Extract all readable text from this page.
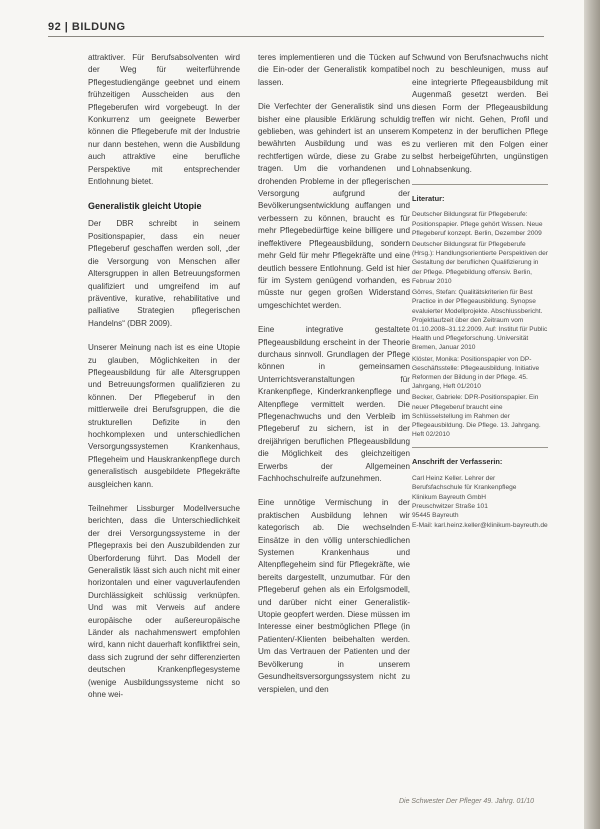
92 | BILDUNG

attraktiver. Für Berufsabsolventen wird der Weg für weiterführende Pflegestudiengänge geebnet und einem frühzeitigen Ausscheiden aus den Pflegeberufen wird vorgebeugt. In der Konkurrenz um geeignete Bewerber können die Pflegeberufe mit der Industrie nur dann bestehen, wenn die Ausbildung auch attraktive eine berufliche Perspektive mit entsprechender Entlohnung bietet.

Generalistik gleicht Utopie

Der DBR schreibt in seinem Positionspapier, dass ein neuer Pflegeberuf geschaffen werden soll, „der die Versorgung von Menschen aller Altersgruppen in allen Betreuungsformen qualifiziert und umgreifend im auf präventive, kurative, rehabilitative und palliative Strategien pflegerischen Handelns“ (DBR 2009).

Unserer Meinung nach ist es eine Utopie zu glauben, Möglichkeiten in der Pflegeausbildung für alle Altersgruppen und Betreuungsformen qualifizieren zu können. Der Pflegeberuf in den mittlerweile drei Berufsgruppen, die die strukturellen Defizite in den hochkomplexen und unterschiedlichen Versorgungssystemen Krankenhaus, Pflegeheim und Hauskrankenpflege durch generalistisch ausgebildete Pflegekräfte ausgleichen kann.

Teilnehmer Lissburger Modellversuche berichten, dass die Unterschiedlichkeit der drei Versorgungssysteme in der Pflegepraxis bei den Auszubildenden zur Überforderung führt. Das Modell der Generalistik lässt sich auch nicht mit einer horizontalen und einer vaguverlaufenden Durchlässigkeit schlüssig verknüpfen. Und was mit Verweis auf andere europäische oder außereuropäische Länder als nachahmenswert empfohlen wird, kann nicht dauerhaft konfliktfrei sein, dass sich zugrund der sehr differenzierten deutschen Krankenpflegesysteme (wenige Ausbildungssysteme nicht so ohne wei-

teres implementieren und die Tücken auf die Ein-oder der Generalistik kompatibel lassen.

Die Verfechter der Generalistik sind uns bisher eine plausible Erklärung schuldig geblieben, was gehindert ist an unserem bewährten Ausbildung und was es rechtfertigen würde, diese zu Grabe zu tragen. Um die vorhandenen und drohenden Probleme in der pflegerischen Versorgung aufgrund der Bevölkerungsentwicklung auffangen und verbessern zu können, braucht es für mehr Pflegebedürftige keine billigere und ineffektivere Pflegeausbildung, sondern mehr Geld für mehr Pflegekräfte und eine deutlich bessere Entlohnung. Geld ist hier für im System genügend vorhanden, es müsste nur gegen großen Widerstand umgeschichtet werden.

Eine integrative gestaltete Pflegeausbildung erscheint in der Theorie durchaus sinnvoll. Grundlagen der Pflege können in gemeinsamen Unterrichtsveranstaltungen für Krankenpflege, Kinderkrankenpflege und Altenpflege vermittelt werden. Die Pflegenachwuchs und den Verbleib im Pflegeberuf zu sichern, ist in der dreijährigen beruflichen Pflegeausbildung die Möglichkeit des gleichzeitigen Erwerbs der Allgemeinen Fachhochschulreife aufzunehmen.

Eine unnötige Vermischung in der praktischen Ausbildung lehnen wir kategorisch ab. Die wechselnden Einsätze in den völlig unterschiedlichen Systemen Krankenhaus und Altenpflegeheim sind für Pflegekräfte, wie bereits dargestellt, unzumutbar. Für den Pflegeberuf gehen als ein Erfolgsmodell, und darüber nicht einer Generalistik-Utopie geopfert werden. Diese müssen im Interesse einer bestmöglichen Pflege (in Patienten/-Klienten beibehalten werden. Um das Vertrauen der Patienten und der Bevölkerung in unserem Gesundheitsversorgungssystem nicht zu verspielen, und den

Schwund von Berufsnachwuchs nicht noch zu beschleunigen, muss auf eine integrierte Pflegeausbildung mit Augenmaß gesetzt werden. Bei diesen Form der Pflegeausbildung treffen wir nicht. Gehen, Profil und Kompetenz in der beruflichen Pflege zu verlieren mit den Folgen einer selbst herbeigeführten, ungünstigen Lohnabsenkung.

Literatur:

Deutscher Bildungsrat für Pflegeberufe: Positionspapier. Pflege gehört Wissen. Neue Pflegeberuf konzept. Berlin, Dezember 2009

Deutscher Bildungsrat für Pflegeberufe (Hrsg.): Handlungsorientierte Perspektiven der Gestaltung der beruflichen Qualifizierung in der Pflege. Pflegebildung offensiv. Berlin, Februar 2010

Görres, Stefan: Qualitätskriterien für Best Practice in der Pflegeausbildung. Synopse evaluierter Modellprojekte. Abschlussbericht. Projektlaufzeit über den Zeitraum vom 01.10.2008–31.12.2009. Auf: Institut für Public Health und Pflegeforschung. Universität Bremen, Januar 2010

Klöster, Monika: Positionspapier von DP-Geschäftsstelle: Pflegeausbildung. Initiative Reformen der Bildung in der Pflege. 45. Jahrgang, Heft 01/2010

Becker, Gabriele: DPR-Positionspapier. Ein neuer Pflegeberuf braucht eine Schlüsselstellung im Rahmen der Pflegeausbildung. Die Pflege. 13. Jahrgang. Heft 02/2010

Anschrift der Verfasserin:
Carl Heinz Keller. Lehrer der
Berufsfachschule für Krankenpflege
Klinikum Bayreuth GmbH
Preuschwitzer Straße 101
95445 Bayreuth
E-Mail: karl.heinz.keller@klinikum-bayreuth.de
Die Schwester Der Pfleger 49. Jahrg. 01/10
